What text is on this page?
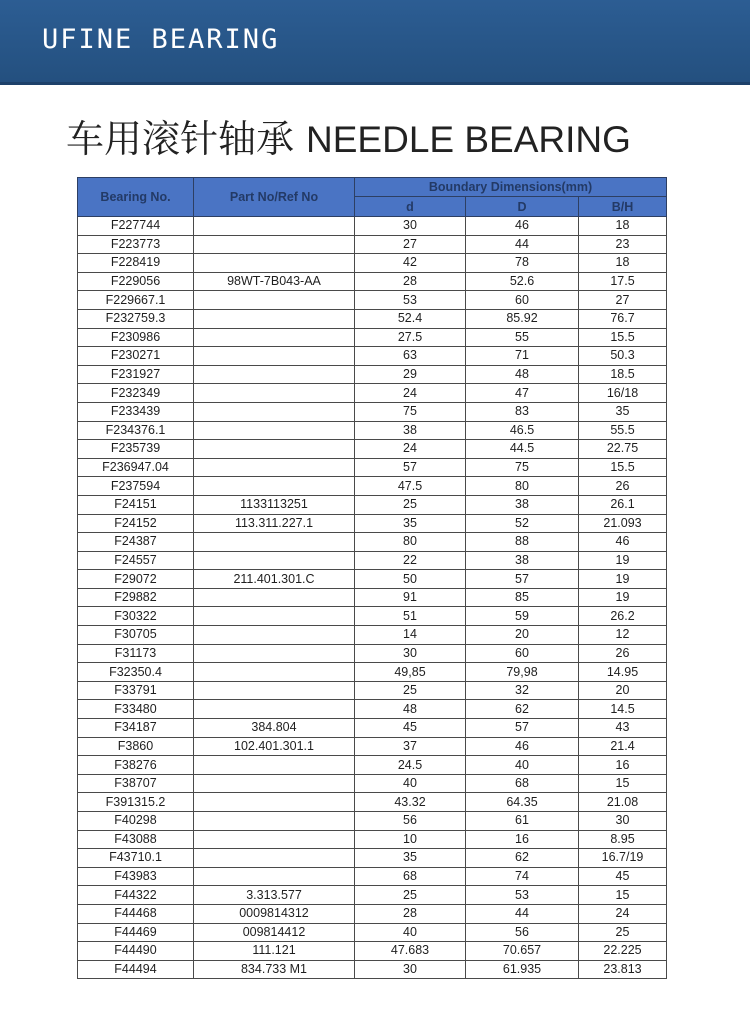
UFINE BEARING
车用滚针轴承 NEEDLE BEARING
Bearing No.	Part No/Ref No	Boundary Dimensions(mm)		
		d	D	B/H
F227744		30	46	18
F223773		27	44	23
F228419		42	78	18
F229056	98WT-7B043-AA	28	52.6	17.5
F229667.1		53	60	27
F232759.3		52.4	85.92	76.7
F230986		27.5	55	15.5
F230271		63	71	50.3
F231927		29	48	18.5
F232349		24	47	16/18
F233439		75	83	35
F234376.1		38	46.5	55.5
F235739		24	44.5	22.75
F236947.04		57	75	15.5
F237594		47.5	80	26
F24151	1133113251	25	38	26.1
F24152	113.311.227.1	35	52	21.093
F24387		80	88	46
F24557		22	38	19
F29072	211.401.301.C	50	57	19
F29882		91	85	19
F30322		51	59	26.2
F30705		14	20	12
F31173		30	60	26
F32350.4		49,85	79,98	14.95
F33791		25	32	20
F33480		48	62	14.5
F34187	384.804	45	57	43
F3860	102.401.301.1	37	46	21.4
F38276		24.5	40	16
F38707		40	68	15
F391315.2		43.32	64.35	21.08
F40298		56	61	30
F43088		10	16	8.95
F43710.1		35	62	16.7/19
F43983		68	74	45
F44322	3.313.577	25	53	15
F44468	0009814312	28	44	24
F44469	009814412	40	56	25
F44490	111.121	47.683	70.657	22.225
F44494	834.733 M1	30	61.935	23.813
